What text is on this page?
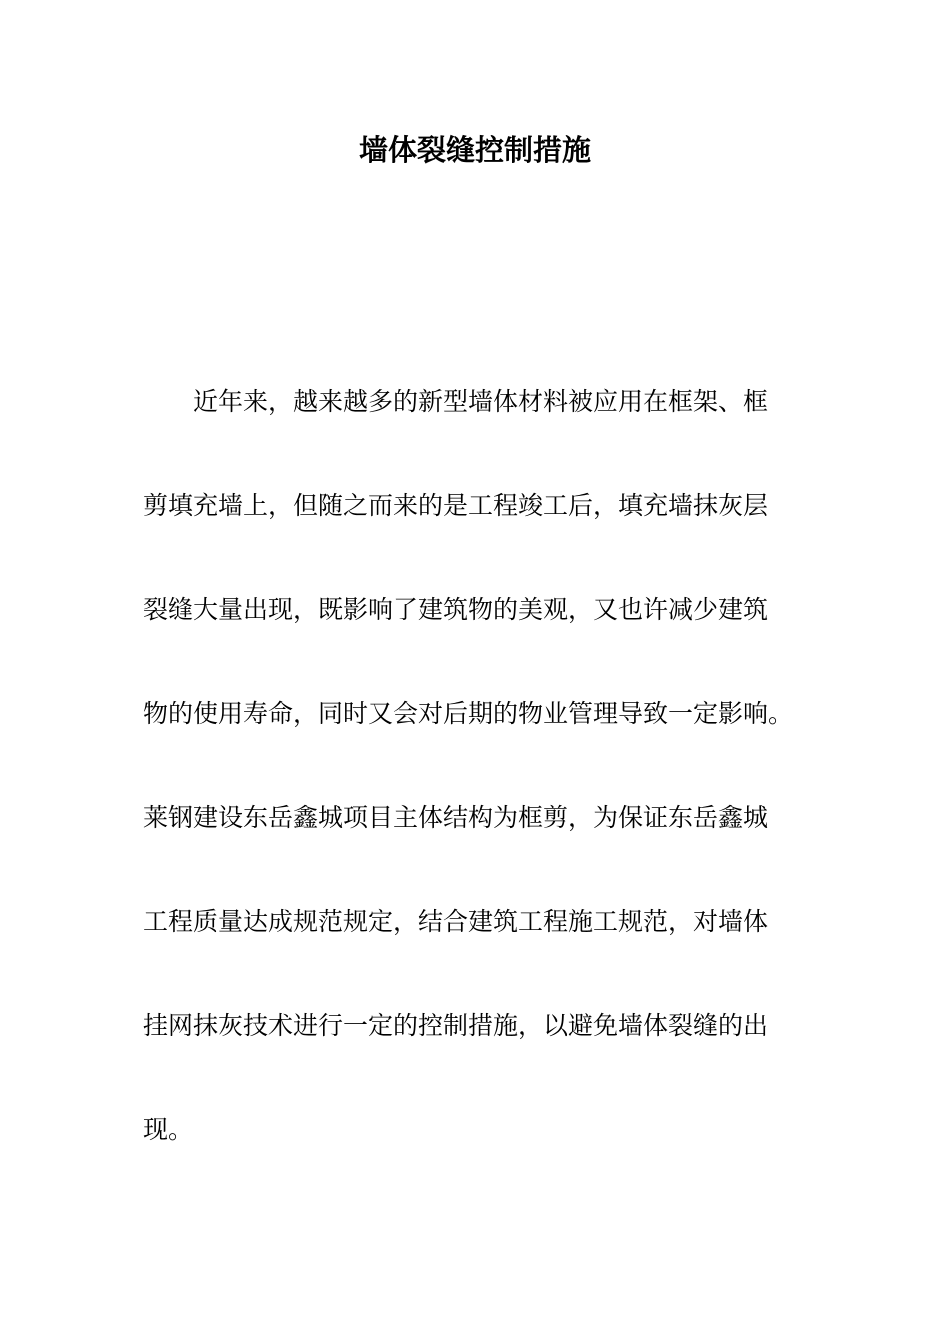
墙体裂缝控制措施
近年来，越来越多的新型墙体材料被应用在框架、框
剪填充墙上，但随之而来的是工程竣工后，填充墙抹灰层
裂缝大量出现，既影响了建筑物的美观，又也许减少建筑
物的使用寿命，同时又会对后期的物业管理导致一定影响。
莱钢建设东岳鑫城项目主体结构为框剪，为保证东岳鑫城
工程质量达成规范规定，结合建筑工程施工规范，对墙体
挂网抹灰技术进行一定的控制措施，以避免墙体裂缝的出
现。
